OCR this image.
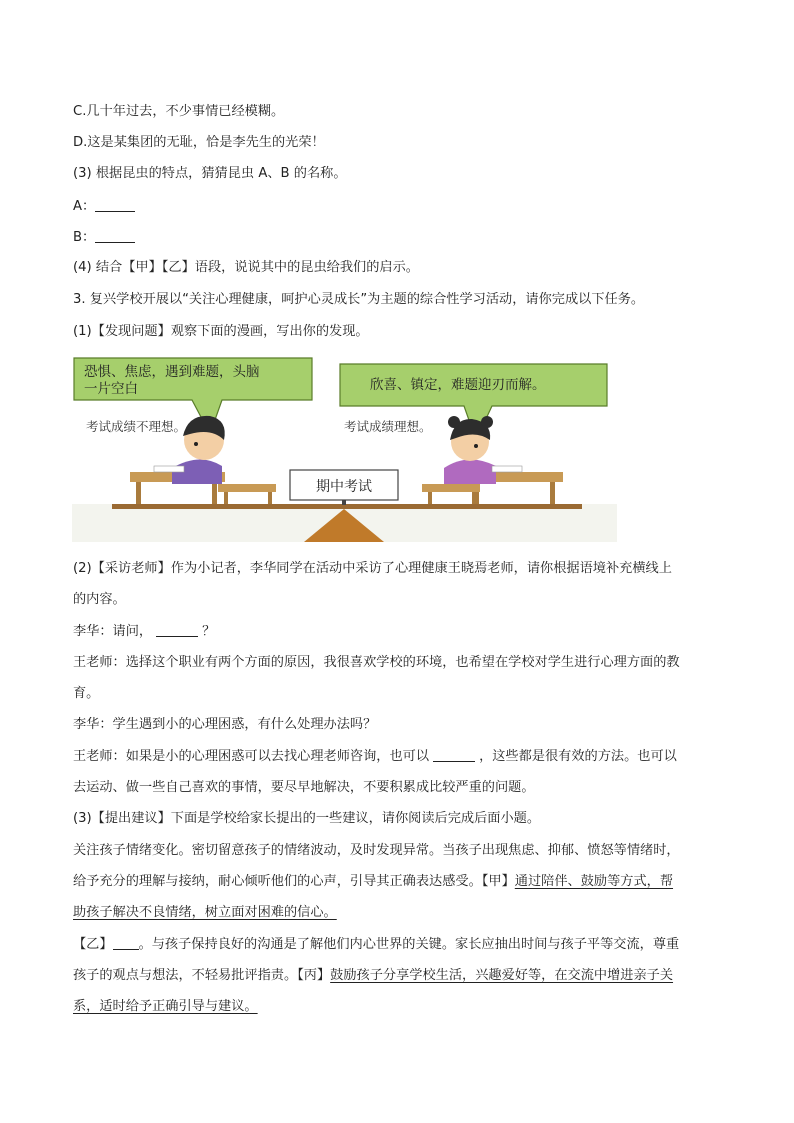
C.几十年过去，不少事情已经模糊。
D.这是某集团的无耻，恰是李先生的光荣！
(3) 根据昆虫的特点，猜猜昆虫 A、B 的名称。
A：
B：
(4) 结合【甲】【乙】语段，说说其中的昆虫给我们的启示。
3. 复兴学校开展以“关注心理健康，呵护心灵成长”为主题的综合性学习活动，请你完成以下任务。
(1)【发现问题】观察下面的漫画，写出你的发现。
恐惧、焦虑，遇到难题，头脑
一片空白	欣喜、镇定，难题迎刃而解。
考试成绩不理想。	考试成绩理想。
期中考试
(2)【采访老师】作为小记者，李华同学在活动中采访了心理健康王晓焉老师，请你根据语境补充横线上
的内容。
李华：请问，	？
王老师：选择这个职业有两个方面的原因，我很喜欢学校的环境，也希望在学校对学生进行心理方面的教
育。
李华：学生遇到小的心理困惑，有什么处理办法吗？
王老师：如果是小的心理困惑可以去找心理老师咨询，也可以	，这些都是很有效的方法。也可以
去运动、做一些自己喜欢的事情，要尽早地解决，不要积累成比较严重的问题。
(3)【提出建议】下面是学校给家长提出的一些建议，请你阅读后完成后面小题。
关注孩子情绪变化。密切留意孩子的情绪波动，及时发现异常。当孩子出现焦虑、抑郁、愤怒等情绪时，
给予充分的理解与接纳，耐心倾听他们的心声，引导其正确表达感受。【甲】通过陪伴、鼓励等方式，帮
助孩子解决不良情绪，树立面对困难的信心。
【乙】 。与孩子保持良好的沟通是了解他们内心世界的关键。家长应抽出时间与孩子平等交流，尊重
孩子的观点与想法，不轻易批评指责。【丙】鼓励孩子分享学校生活，兴趣爱好等，在交流中增进亲子关
系，适时给予正确引导与建议。
